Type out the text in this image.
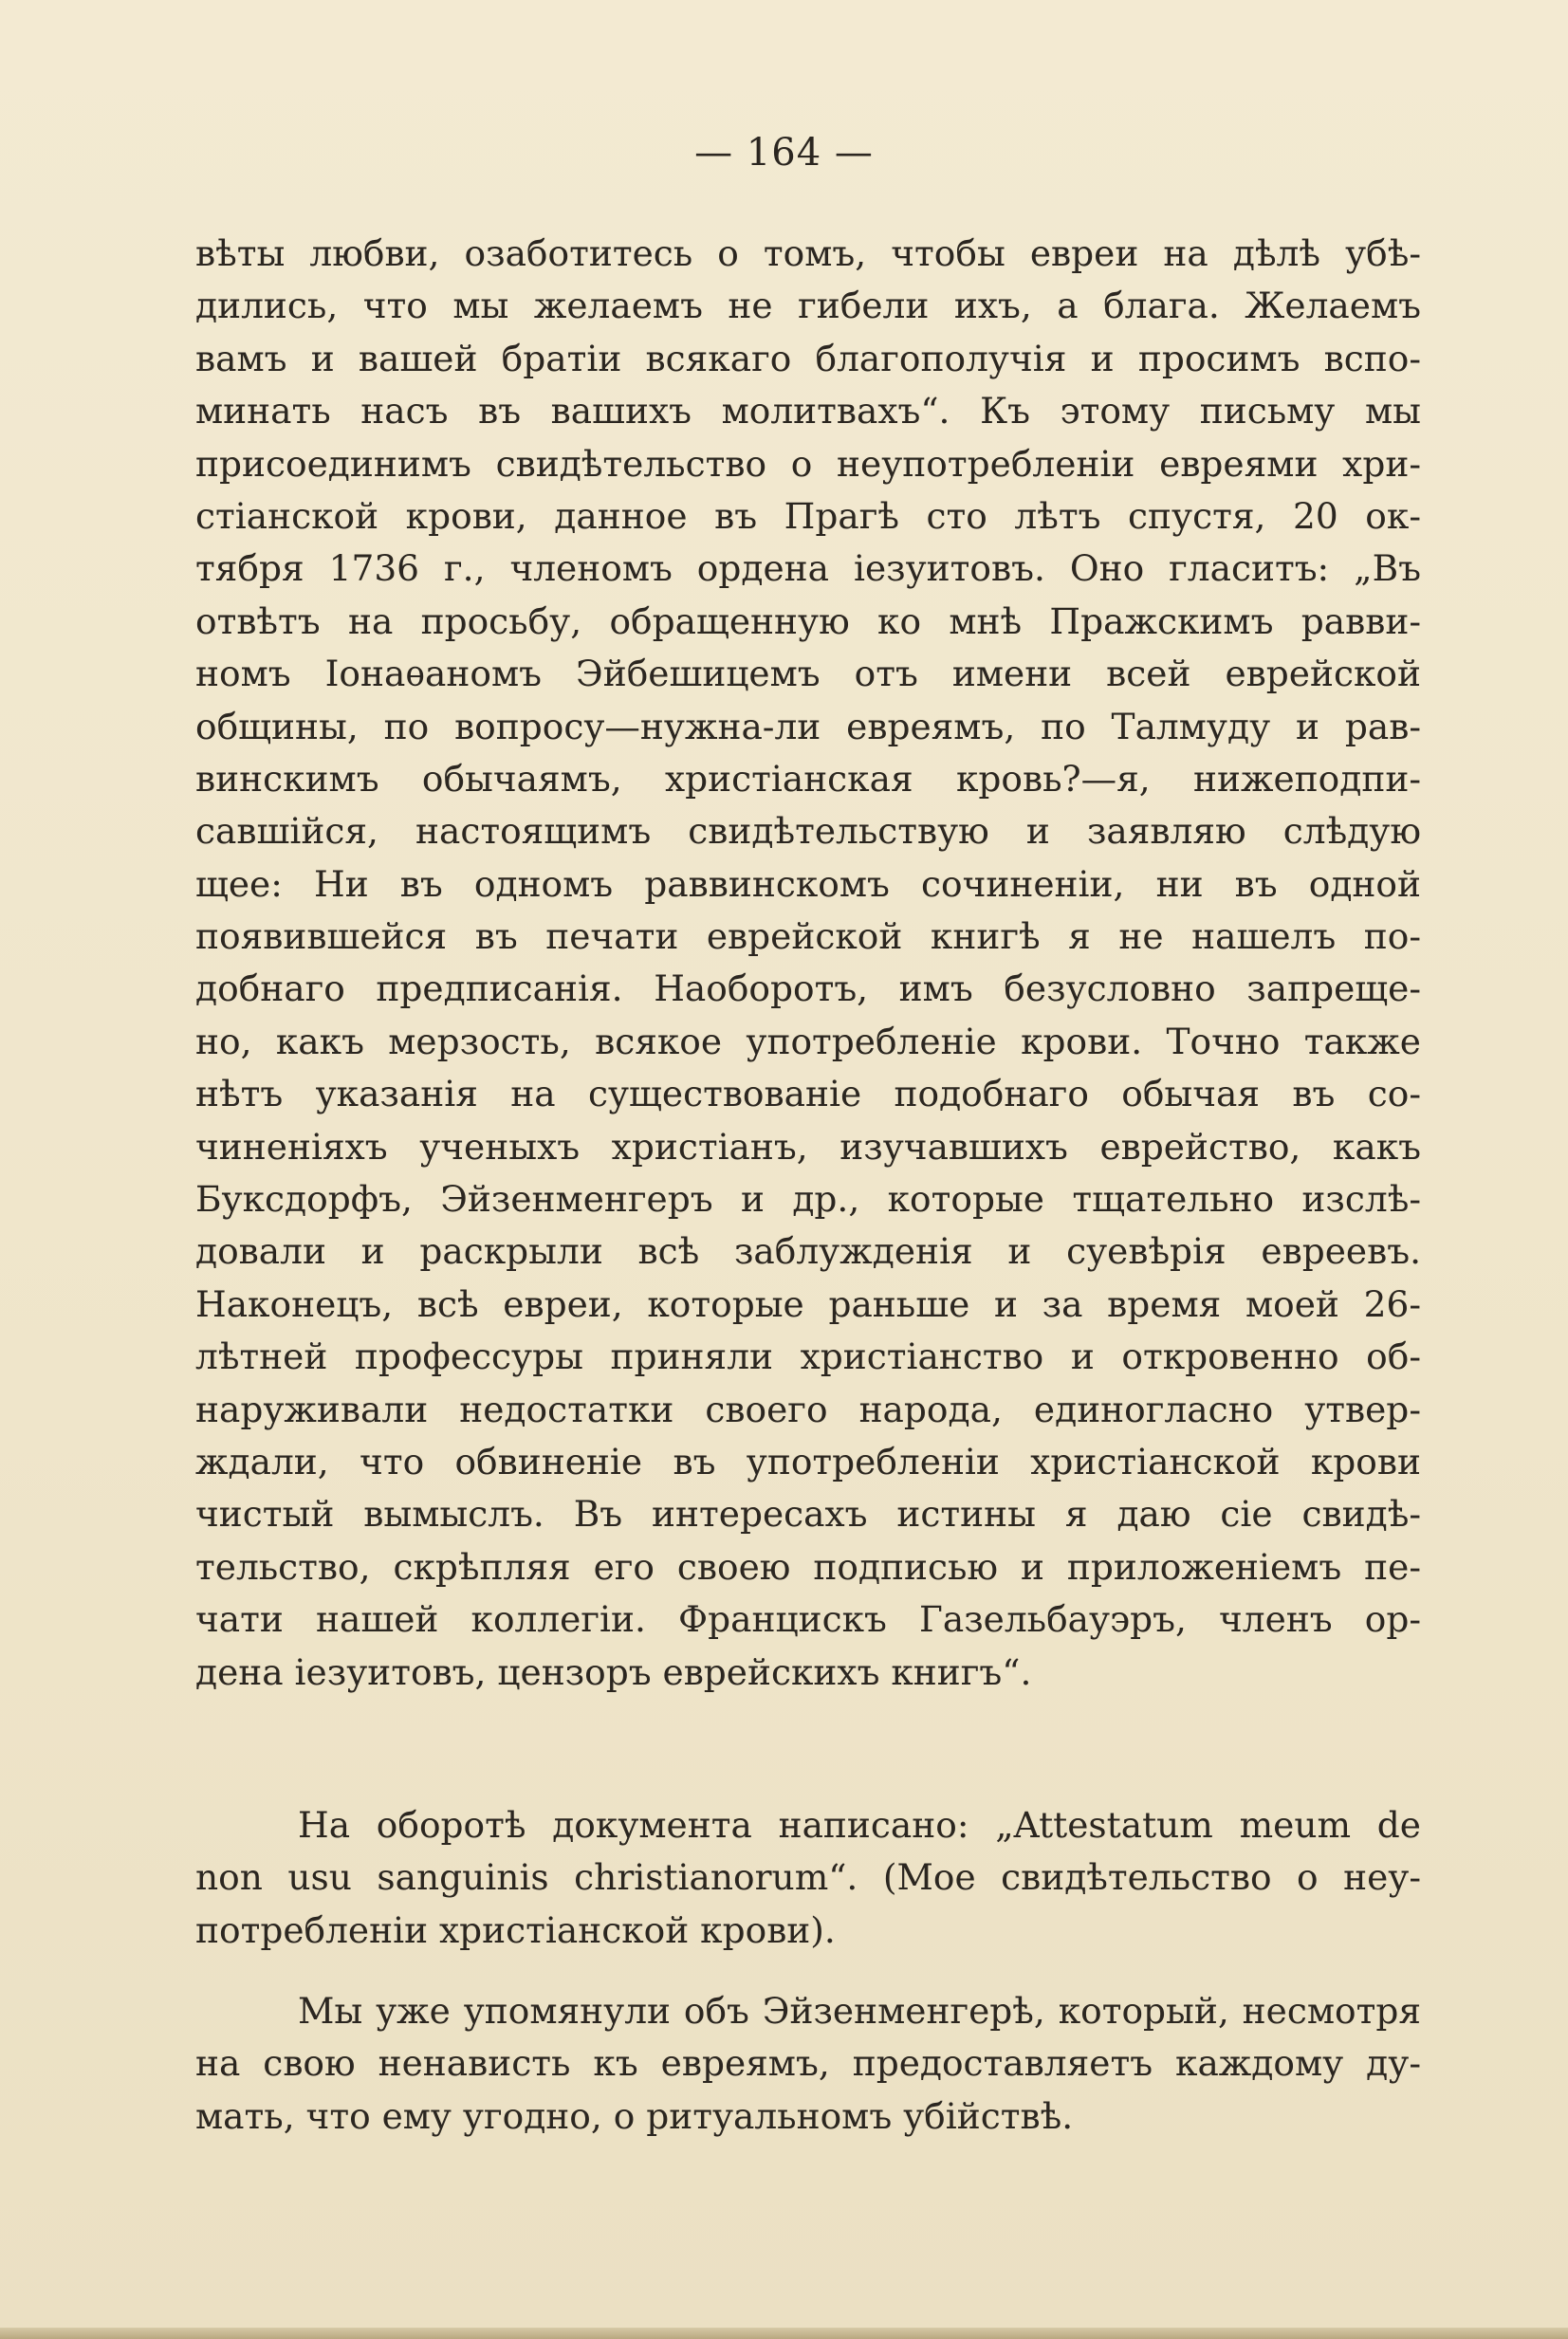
— 164 —
вѣты любви, озаботитесь о томъ, чтобы евреи на дѣлѣ убѣ-
дились, что мы желаемъ не гибели ихъ, а блага. Желаемъ
вамъ и вашей братіи всякаго благополучія и просимъ вспо-
минать насъ въ вашихъ молитвахъ“. Къ этому письму мы
присоединимъ свидѣтельство о неупотребленіи евреями хри-
стіанской крови, данное въ Прагѣ сто лѣтъ спустя, 20 ок-
тября 1736 г., членомъ ордена іезуитовъ. Оно гласитъ: „Въ
отвѣтъ на просьбу, обращенную ко мнѣ Пражскимъ равви-
номъ Іонаѳаномъ Эйбешицемъ отъ имени всей еврейской
общины, по вопросу—нужна-ли евреямъ, по Талмуду и рав-
винскимъ обычаямъ, христіанская кровь?—я, нижеподпи-
савшійся, настоящимъ свидѣтельствую и заявляю слѣдую
щее: Ни въ одномъ раввинскомъ сочиненіи, ни въ одной
появившейся въ печати еврейской книгѣ я не нашелъ по-
добнаго предписанія. Наоборотъ, имъ безусловно запреще-
но, какъ мерзость, всякое употребленіе крови. Точно также
нѣтъ указанія на существованіе подобнаго обычая въ со-
чиненіяхъ ученыхъ христіанъ, изучавшихъ еврейство, какъ
Буксдорфъ, Эйзенменгеръ и др., которые тщательно изслѣ-
довали и раскрыли всѣ заблужденія и суевѣрія евреевъ.
Наконецъ, всѣ евреи, которые раньше и за время моей 26-
лѣтней профессуры приняли христіанство и откровенно об-
наруживали недостатки своего народа, единогласно утвер-
ждали, что обвиненіе въ употребленіи христіанской крови
чистый вымыслъ. Въ интересахъ истины я даю сіе свидѣ-
тельство, скрѣпляя его своею подписью и приложеніемъ пе-
чати нашей коллегіи. Францискъ Газельбауэръ, членъ ор-
дена іезуитовъ, цензоръ еврейскихъ книгъ“.
На оборотѣ документа написано: „Attestatum meum de
non usu sanguinis christianorum“. (Мое свидѣтельство о неу-
потребленіи христіанской крови).
Мы уже упомянули объ Эйзенменгерѣ, который, несмотря
на свою ненависть къ евреямъ, предоставляетъ каждому ду-
мать, что ему угодно, о ритуальномъ убійствѣ.
